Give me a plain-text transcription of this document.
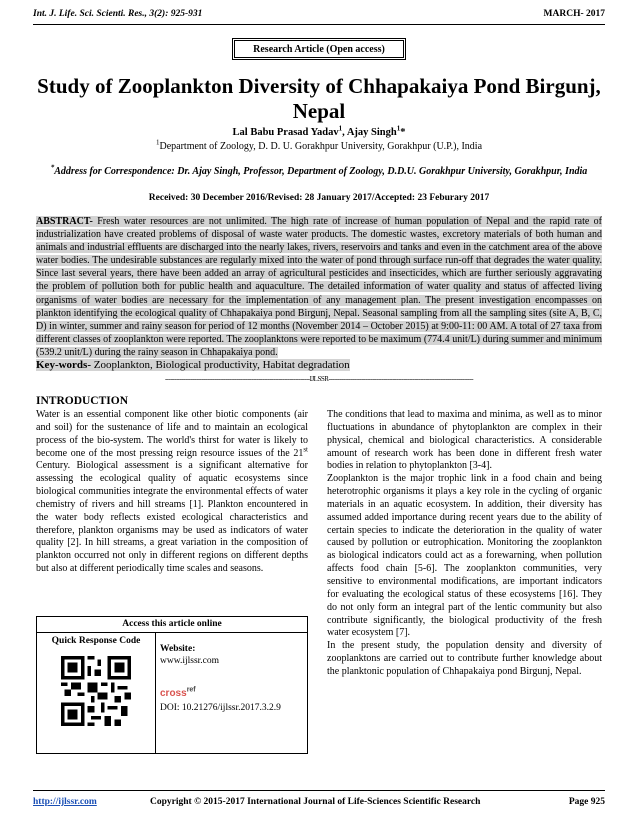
Int. J. Life. Sci. Scienti. Res., 3(2): 925-931	MARCH- 2017
Research Article (Open access)
Study of Zooplankton Diversity of Chhapakaiya Pond Birgunj, Nepal
Lal Babu Prasad Yadav$^1$, Ajay Singh$^1$*
$^1$Department of Zoology, D. D. U. Gorakhpur University, Gorakhpur (U.P.), India
*Address for Correspondence: Dr. Ajay Singh, Professor, Department of Zoology, D.D.U. Gorakhpur University, Gorakhpur, India
Received: 30 December 2016/Revised: 28 January 2017/Accepted: 23 Feburary 2017
ABSTRACT- Fresh water resources are not unlimited. The high rate of increase of human population of Nepal and the rapid rate of industrialization have created problems of disposal of waste water products. The domestic wastes, excretory materials of both human and animals and industrial effluents are discharged into the nearly lakes, rivers, reservoirs and tanks and even in the catchment area of the above water bodies. The undesirable substances are regularly mixed into the water of pond through surface run-off that degrades the water quality. Since last several years, there have been added an array of agricultural pesticides and insecticides, which are further seriously aggravating the problem of pollution both for public health and aquaculture. The detailed information of water quality and status of affected living organisms of water bodies are necessary for the implementation of any management plan. The present investigation encompasses on plankton identifying the ecological quality of Chhapakaiya pond Birgunj, Nepal. Seasonal sampling from all the sampling sites (site A, B, C, D) in winter, summer and rainy season for period of 12 months (November 2014 – October 2015) at 9:00-11: 00 AM. A total of 27 taxa from different classes of zooplankton were reported. The zooplanktons were reported to be maximum (774.4 unit/L) during summer and minimum (539.2 unit/L) during the rainy season in Chhapakaiya pond.
Key-words- Zooplankton, Biological productivity, Habitat degradation
-------------------------------------------------------------------------------IJLSSR-------------------------------------------------------------------------------
INTRODUCTION

Water is an essential component like other biotic components (air and soil) for the sustenance of life and to maintain an ecological process of the bio-system. The world's thirst for water is likely to become one of the most pressing reign resource issues of the 21st Century. Biological assessment is a significant alternative for assessing the ecological quality of aquatic ecosystems since biological communities integrate the environmental effects of water chemistry of rivers and hill streams [1]. Plankton encountered in the water body reflects existed ecological characteristics and therefore, plankton organisms may be used as indicators of water quality [2]. In hill streams, a great variation in the composition of plankton occurred not only in different regions on different depths but also at different periodically time scales and seasons.

Access this article online
Quick Response Code
Website:
www.ijlssr.com
cross$^{ref}$
DOI: 10.21276/ijlssr.2017.3.2.9

The conditions that lead to maxima and minima, as well as to minor fluctuations in abundance of phytoplankton are complex in their physical, chemical and biological characteristics. A considerable amount of research work has been done in different fresh water bodies in relation to phytoplankton [3-4].

Zooplankton is the major trophic link in a food chain and being heterotrophic organisms it plays a key role in the cycling of organic materials in an aquatic ecosystem. In addition, their diversity has assumed added importance during recent years due to the ability of certain species to indicate the deterioration in the quality of water caused by pollution or eutrophication. Monitoring the zooplankton as biological indicators could act as a forewarning, when pollution affects food chain [5-6]. The zooplankton communities, very sensitive to environmental modifications, are important indicators for evaluating the ecological status of these ecosystems [16]. They do not only form an integral part of the lentic community but also contribute significantly, the biological productivity of the fresh water ecosystem [7].

In the present study, the population density and diversity of zooplanktons are carried out to contribute further knowledge about the planktonic population of Chhapakaiya pond Birgunj, Nepal.

http://ijlssr.com	Copyright © 2015-2017 International Journal of Life-Sciences Scientific Research	Page 925
